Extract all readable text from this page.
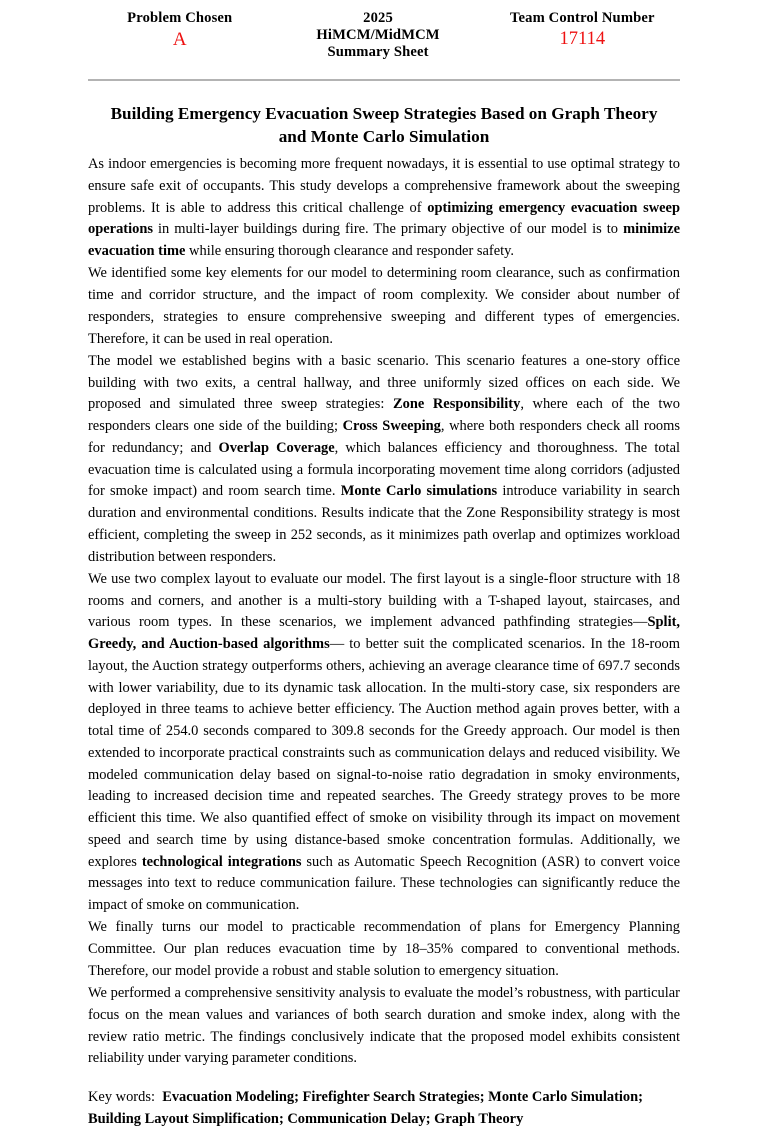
Problem Chosen
A
2025
HiMCM/MidMCM
Summary Sheet
Team Control Number
17114
Building Emergency Evacuation Sweep Strategies Based on Graph Theory
and Monte Carlo Simulation

As indoor emergencies is becoming more frequent nowadays, it is essential to use optimal strategy to ensure safe exit of occupants. This study develops a comprehensive framework about the sweeping problems. It is able to address this critical challenge of optimizing emergency evacuation sweep operations in multi-layer buildings during fire. The primary objective of our model is to minimize evacuation time while ensuring thorough clearance and responder safety.

We identified some key elements for our model to determining room clearance, such as confirmation time and corridor structure, and the impact of room complexity. We consider about number of responders, strategies to ensure comprehensive sweeping and different types of emergencies. Therefore, it can be used in real operation.

The model we established begins with a basic scenario. This scenario features a one-story office building with two exits, a central hallway, and three uniformly sized offices on each side. We proposed and simulated three sweep strategies: Zone Responsibility, where each of the two responders clears one side of the building; Cross Sweeping, where both responders check all rooms for redundancy; and Overlap Coverage, which balances efficiency and thoroughness. The total evacuation time is calculated using a formula incorporating movement time along corridors (adjusted for smoke impact) and room search time. Monte Carlo simulations introduce variability in search duration and environmental conditions. Results indicate that the Zone Responsibility strategy is most efficient, completing the sweep in 252 seconds, as it minimizes path overlap and optimizes workload distribution between responders.

We use two complex layout to evaluate our model. The first layout is a single-floor structure with 18 rooms and corners, and another is a multi-story building with a T-shaped layout, staircases, and various room types. In these scenarios, we implement advanced pathfinding strategies—Split, Greedy, and Auction-based algorithms— to better suit the complicated scenarios. In the 18-room layout, the Auction strategy outperforms others, achieving an average clearance time of 697.7 seconds with lower variability, due to its dynamic task allocation. In the multi-story case, six responders are deployed in three teams to achieve better efficiency. The Auction method again proves better, with a total time of 254.0 seconds compared to 309.8 seconds for the Greedy approach. Our model is then extended to incorporate practical constraints such as communication delays and reduced visibility. We modeled communication delay based on signal-to-noise ratio degradation in smoky environments, leading to increased decision time and repeated searches. The Greedy strategy proves to be more efficient this time. We also quantified effect of smoke on visibility through its impact on movement speed and search time by using distance-based smoke concentration formulas. Additionally, we explores technological integrations such as Automatic Speech Recognition (ASR) to convert voice messages into text to reduce communication failure. These technologies can significantly reduce the impact of smoke on communication.

We finally turns our model to practicable recommendation of plans for Emergency Planning Committee. Our plan reduces evacuation time by 18–35% compared to conventional methods. Therefore, our model provide a robust and stable solution to emergency situation.

We performed a comprehensive sensitivity analysis to evaluate the model’s robustness, with particular focus on the mean values and variances of both search duration and smoke index, along with the review ratio metric. The findings conclusively indicate that the proposed model exhibits consistent reliability under varying parameter conditions.

Key words: Evacuation Modeling; Firefighter Search Strategies; Monte Carlo Simulation; Building Layout Simplification; Communication Delay; Graph Theory
